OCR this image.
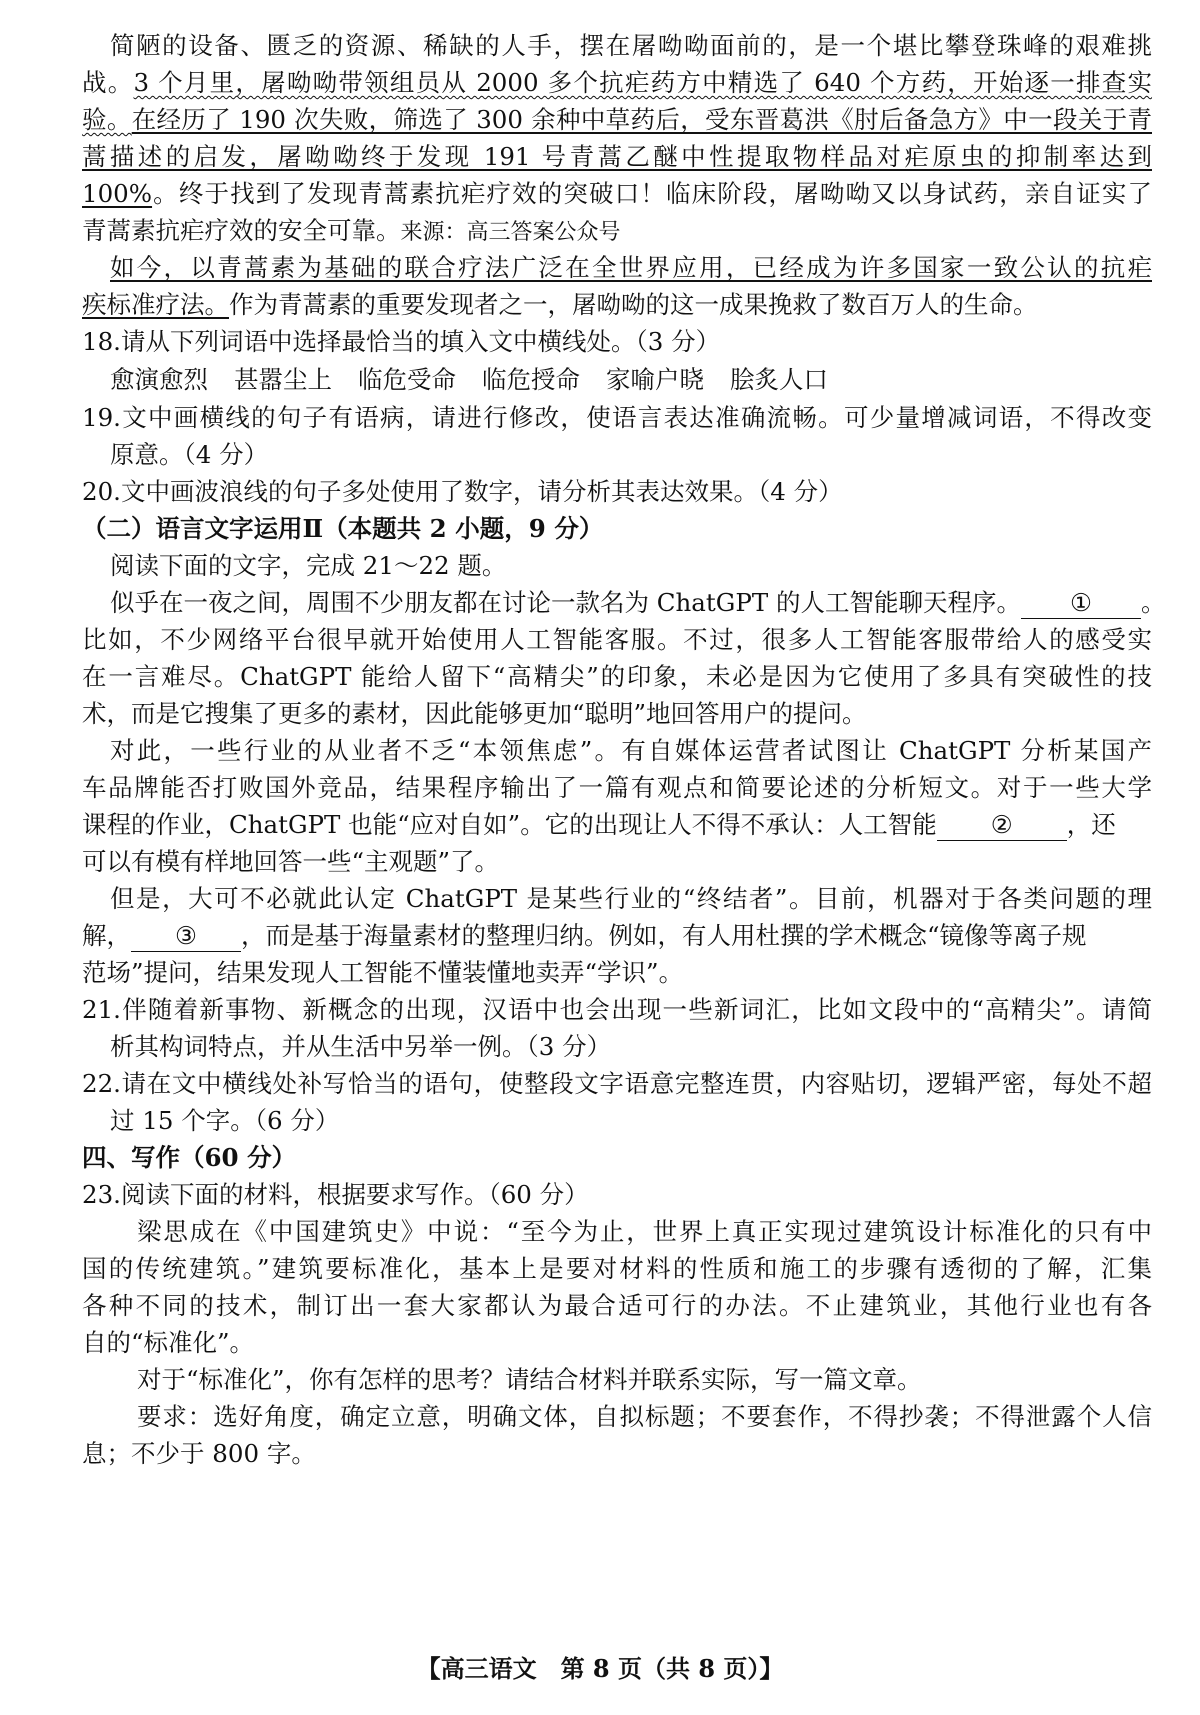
简陋的设备、匮乏的资源、稀缺的人手，摆在屠呦呦面前的，是一个堪比攀登珠峰的艰难挑
战。3 个月里，屠呦呦带领组员从 2000 多个抗疟药方中精选了 640 个方药，开始逐一排查实
验。在经历了 190 次失败，筛选了 300 余种中草药后，受东晋葛洪《肘后备急方》中一段关于青
蒿描述的启发，屠呦呦终于发现 191 号青蒿乙醚中性提取物样品对疟原虫的抑制率达到
100%。终于找到了发现青蒿素抗疟疗效的突破口！临床阶段，屠呦呦又以身试药，亲自证实了
青蒿素抗疟疗效的安全可靠。来源：高三答案公众号
如今，以青蒿素为基础的联合疗法广泛在全世界应用，已经成为许多国家一致公认的抗疟
疾标准疗法。作为青蒿素的重要发现者之一，屠呦呦的这一成果挽救了数百万人的生命。
18.请从下列词语中选择最恰当的填入文中横线处。（3 分）
愈演愈烈 甚嚣尘上 临危受命 临危授命 家喻户晓 脍炙人口
19.文中画横线的句子有语病，请进行修改，使语言表达准确流畅。可少量增减词语，不得改变
原意。（4 分）
20.文中画波浪线的句子多处使用了数字，请分析其表达效果。（4 分）
（二）语言文字运用Ⅱ（本题共 2 小题，9 分）
阅读下面的文字，完成 21～22 题。
似乎在一夜之间，周围不少朋友都在讨论一款名为 ChatGPT 的人工智能聊天程序。 ① 。
比如，不少网络平台很早就开始使用人工智能客服。不过，很多人工智能客服带给人的感受实
在一言难尽。ChatGPT 能给人留下“高精尖”的印象，未必是因为它使用了多具有突破性的技
术，而是它搜集了更多的素材，因此能够更加“聪明”地回答用户的提问。
对此，一些行业的从业者不乏“本领焦虑”。有自媒体运营者试图让 ChatGPT 分析某国产
车品牌能否打败国外竞品，结果程序输出了一篇有观点和简要论述的分析短文。对于一些大学
课程的作业，ChatGPT 也能“应对自如”。它的出现让人不得不承认：人工智能 ② ，还
可以有模有样地回答一些“主观题”了。
但是，大可不必就此认定 ChatGPT 是某些行业的“终结者”。目前，机器对于各类问题的理
解， ③ ，而是基于海量素材的整理归纳。例如，有人用杜撰的学术概念“镜像等离子规
范场”提问，结果发现人工智能不懂装懂地卖弄“学识”。
21.伴随着新事物、新概念的出现，汉语中也会出现一些新词汇，比如文段中的“高精尖”。请简
析其构词特点，并从生活中另举一例。（3 分）
22.请在文中横线处补写恰当的语句，使整段文字语意完整连贯，内容贴切，逻辑严密，每处不超
过 15 个字。（6 分）
四、写作（60 分）
23.阅读下面的材料，根据要求写作。（60 分）
梁思成在《中国建筑史》中说：“至今为止，世界上真正实现过建筑设计标准化的只有中
国的传统建筑。”建筑要标准化，基本上是要对材料的性质和施工的步骤有透彻的了解，汇集
各种不同的技术，制订出一套大家都认为最合适可行的办法。不止建筑业，其他行业也有各
自的“标准化”。
对于“标准化”，你有怎样的思考？请结合材料并联系实际，写一篇文章。
要求：选好角度，确定立意，明确文体，自拟标题；不要套作，不得抄袭；不得泄露个人信
息；不少于 800 字。
【高三语文　第 8 页（共 8 页）】
